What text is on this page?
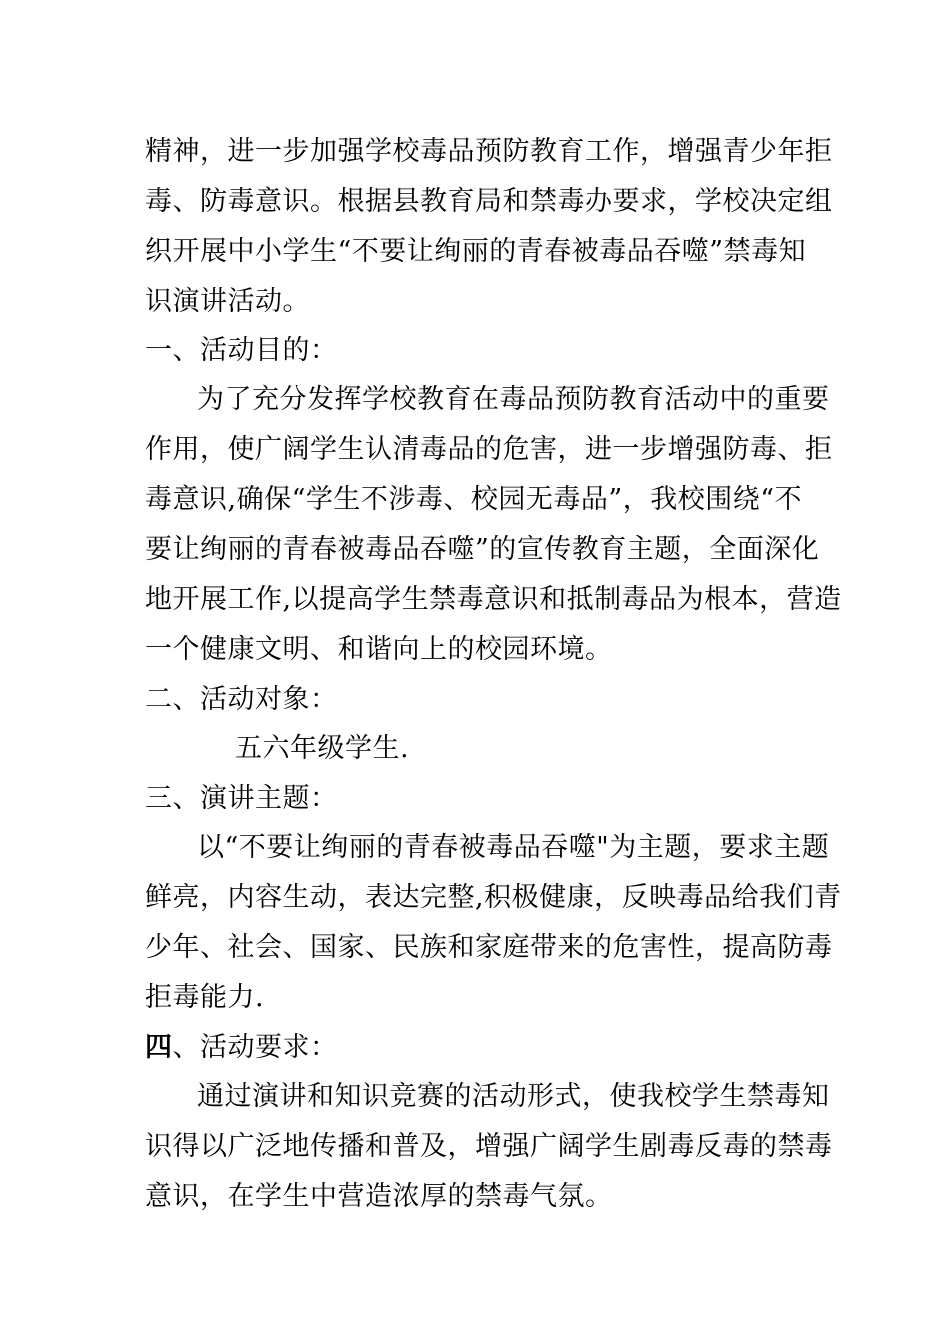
精神，进一步加强学校毒品预防教育工作，增强青少年拒
毒、防毒意识。根据县教育局和禁毒办要求，学校决定组
织开展中小学生“不要让绚丽的青春被毒品吞噬”禁毒知
识演讲活动。
一、活动目的：
为了充分发挥学校教育在毒品预防教育活动中的重要
作用，使广阔学生认清毒品的危害，进一步增强防毒、拒
毒意识,确保“学生不涉毒、校园无毒品”，我校围绕“不
要让绚丽的青春被毒品吞噬”的宣传教育主题，全面深化
地开展工作,以提高学生禁毒意识和抵制毒品为根本，营造
一个健康文明、和谐向上的校园环境。
二、活动对象：
五六年级学生.
三、演讲主题：
以“不要让绚丽的青春被毒品吞噬"为主题，要求主题
鲜亮，内容生动，表达完整,积极健康，反映毒品给我们青
少年、社会、国家、民族和家庭带来的危害性，提高防毒
拒毒能力.
四、活动要求：
通过演讲和知识竞赛的活动形式，使我校学生禁毒知
识得以广泛地传播和普及，增强广阔学生剧毒反毒的禁毒
意识，在学生中营造浓厚的禁毒气氛。
